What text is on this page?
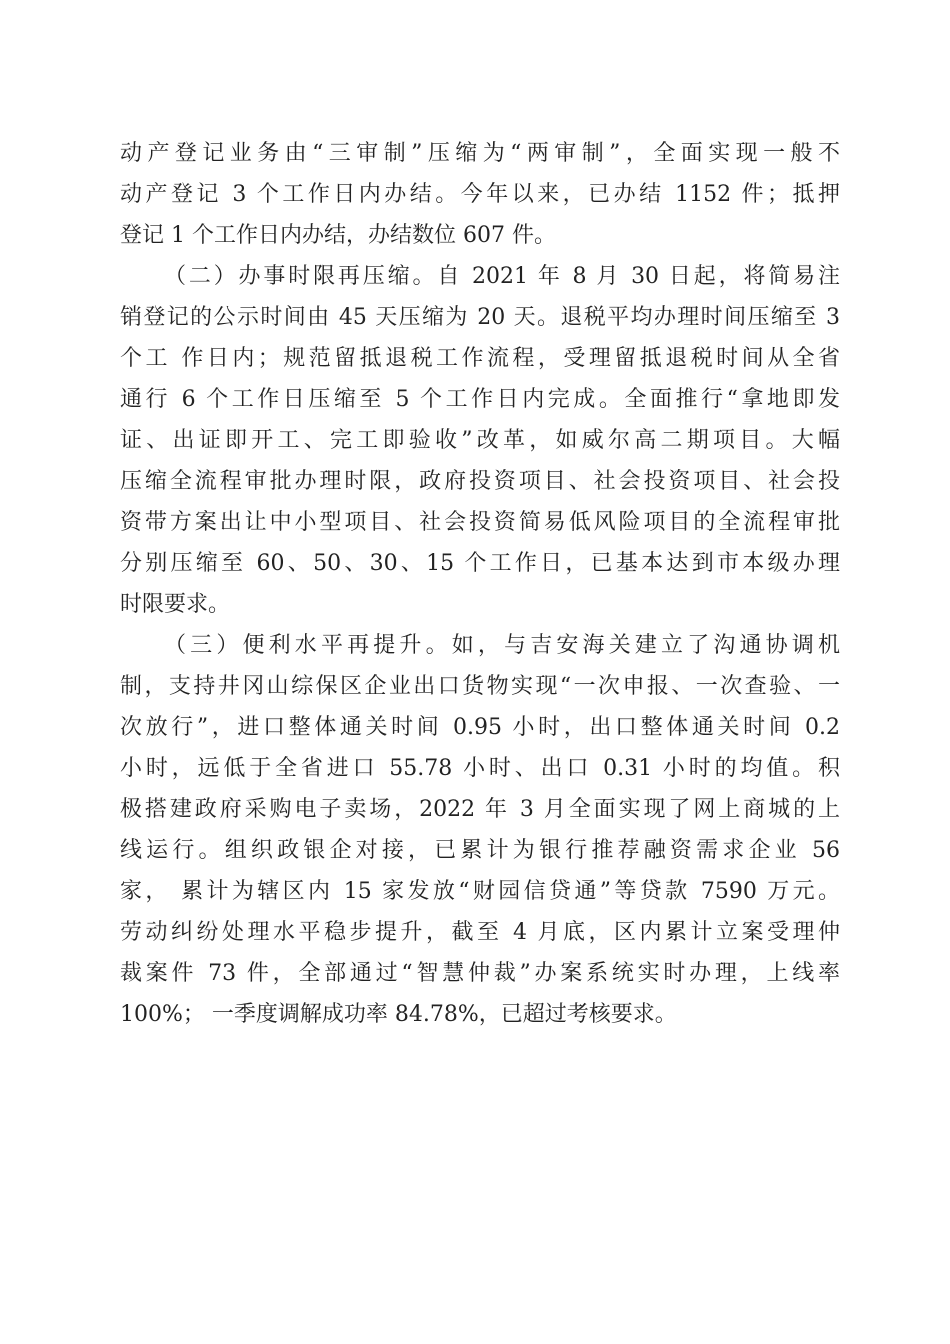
动产登记业务由“三审制”压缩为“两审制”，全面实现一般不
动产登记 3 个工作日内办结。今年以来，已办结 1152 件；抵押
登记 1 个工作日内办结，办结数位 607 件。
（二）办事时限再压缩。自 2021 年 8 月 30 日起，将简易注
销登记的公示时间由 45 天压缩为 20 天。退税平均办理时间压缩至 3
个工 作日内；规范留抵退税工作流程，受理留抵退税时间从全省
通行 6 个工作日压缩至 5 个工作日内完成。全面推行“拿地即发
证、出证即开工、完工即验收”改革，如威尔高二期项目。大幅
压缩全流程审批办理时限，政府投资项目、社会投资项目、社会投
资带方案出让中小型项目、社会投资简易低风险项目的全流程审批
分别压缩至 60、50、30、15 个工作日，已基本达到市本级办理
时限要求。
（三）便利水平再提升。如，与吉安海关建立了沟通协调机
制，支持井冈山综保区企业出口货物实现“一次申报、一次查验、一
次放行”，进口整体通关时间 0.95 小时，出口整体通关时间 0.2
小时，远低于全省进口 55.78 小时、出口 0.31 小时的均值。积
极搭建政府采购电子卖场，2022 年 3 月全面实现了网上商城的上
线运行。组织政银企对接，已累计为银行推荐融资需求企业 56
家， 累计为辖区内 15 家发放“财园信贷通”等贷款 7590 万元。
劳动纠纷处理水平稳步提升，截至 4 月底，区内累计立案受理仲
裁案件 73 件，全部通过“智慧仲裁”办案系统实时办理，上线率
100%； 一季度调解成功率 84.78%，已超过考核要求。
